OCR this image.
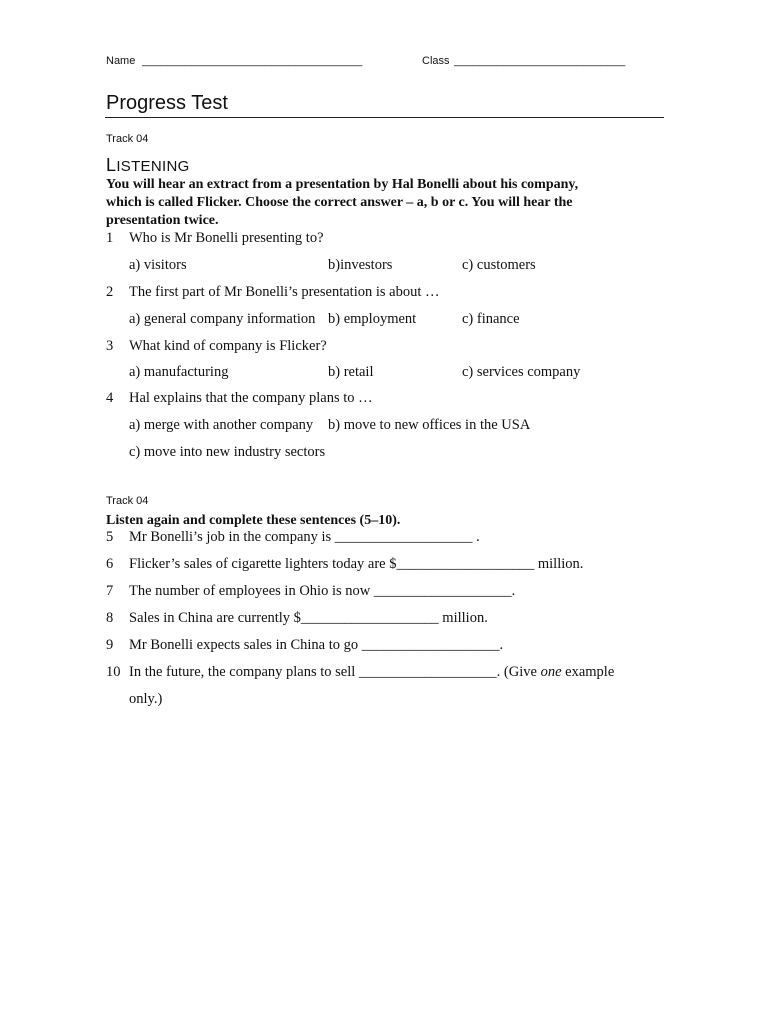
Name ____________________________________	Class ____________________________
Progress Test
Track 04
LISTENING
You will hear an extract from a presentation by Hal Bonelli about his company,
which is called Flicker. Choose the correct answer – a, b or c. You will hear the
presentation twice.
1 Who is Mr Bonelli presenting to?
a) visitors	b)investors	c) customers
2 The first part of Mr Bonelli’s presentation is about …
a) general company information b) employment	c) finance
3 What kind of company is Flicker?
a) manufacturing	b) retail	c) services company
4 Hal explains that the company plans to …
a) merge with another company b) move to new offices in the USA
c) move into new industry sectors
Track 04
Listen again and complete these sentences (5–10).
5 Mr Bonelli’s job in the company is ___________________ .
6 Flicker’s sales of cigarette lighters today are $___________________ million.
7 The number of employees in Ohio is now ___________________.
8 Sales in China are currently $___________________ million.
9 Mr Bonelli expects sales in China to go ___________________.
10 In the future, the company plans to sell ___________________. (Give one example
only.)
